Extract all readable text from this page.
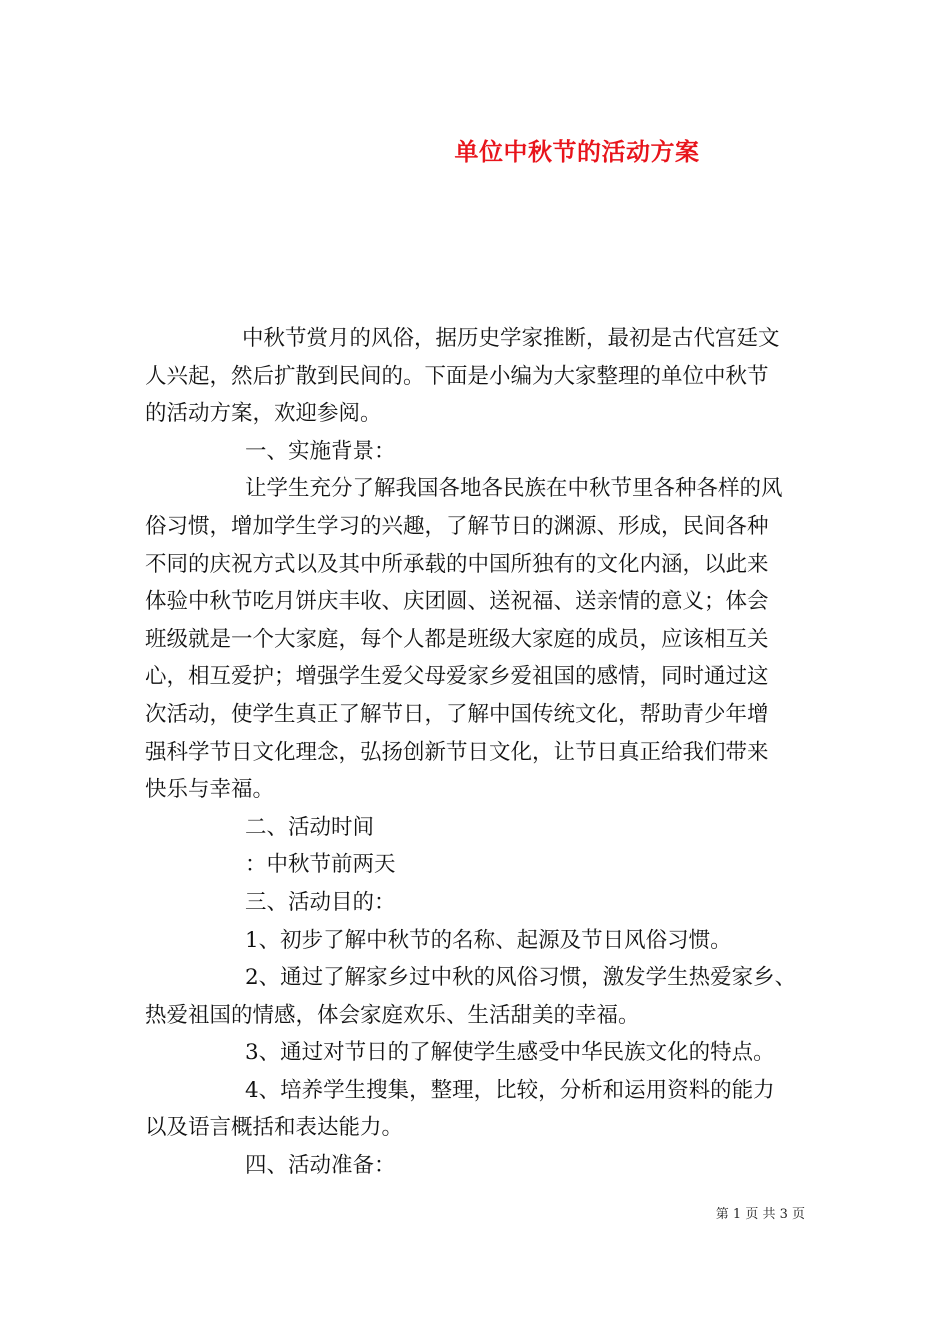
单位中秋节的活动方案
中秋节赏月的风俗，据历史学家推断，最初是古代宫廷文
人兴起，然后扩散到民间的。下面是小编为大家整理的单位中秋节
的活动方案，欢迎参阅。
一、实施背景：
让学生充分了解我国各地各民族在中秋节里各种各样的风
俗习惯，增加学生学习的兴趣，了解节日的渊源、形成，民间各种
不同的庆祝方式以及其中所承载的中国所独有的文化内涵，以此来
体验中秋节吃月饼庆丰收、庆团圆、送祝福、送亲情的意义；体会
班级就是一个大家庭，每个人都是班级大家庭的成员，应该相互关
心，相互爱护；增强学生爱父母爱家乡爱祖国的感情，同时通过这
次活动，使学生真正了解节日，了解中国传统文化，帮助青少年增
强科学节日文化理念，弘扬创新节日文化，让节日真正给我们带来
快乐与幸福。
二、活动时间
：中秋节前两天
三、活动目的：
1、初步了解中秋节的名称、起源及节日风俗习惯。
2、通过了解家乡过中秋的风俗习惯，激发学生热爱家乡、
热爱祖国的情感，体会家庭欢乐、生活甜美的幸福。
3、通过对节日的了解使学生感受中华民族文化的特点。
4、培养学生搜集，整理，比较，分析和运用资料的能力
以及语言概括和表达能力。
四、活动准备：
第 1 页 共 3 页
